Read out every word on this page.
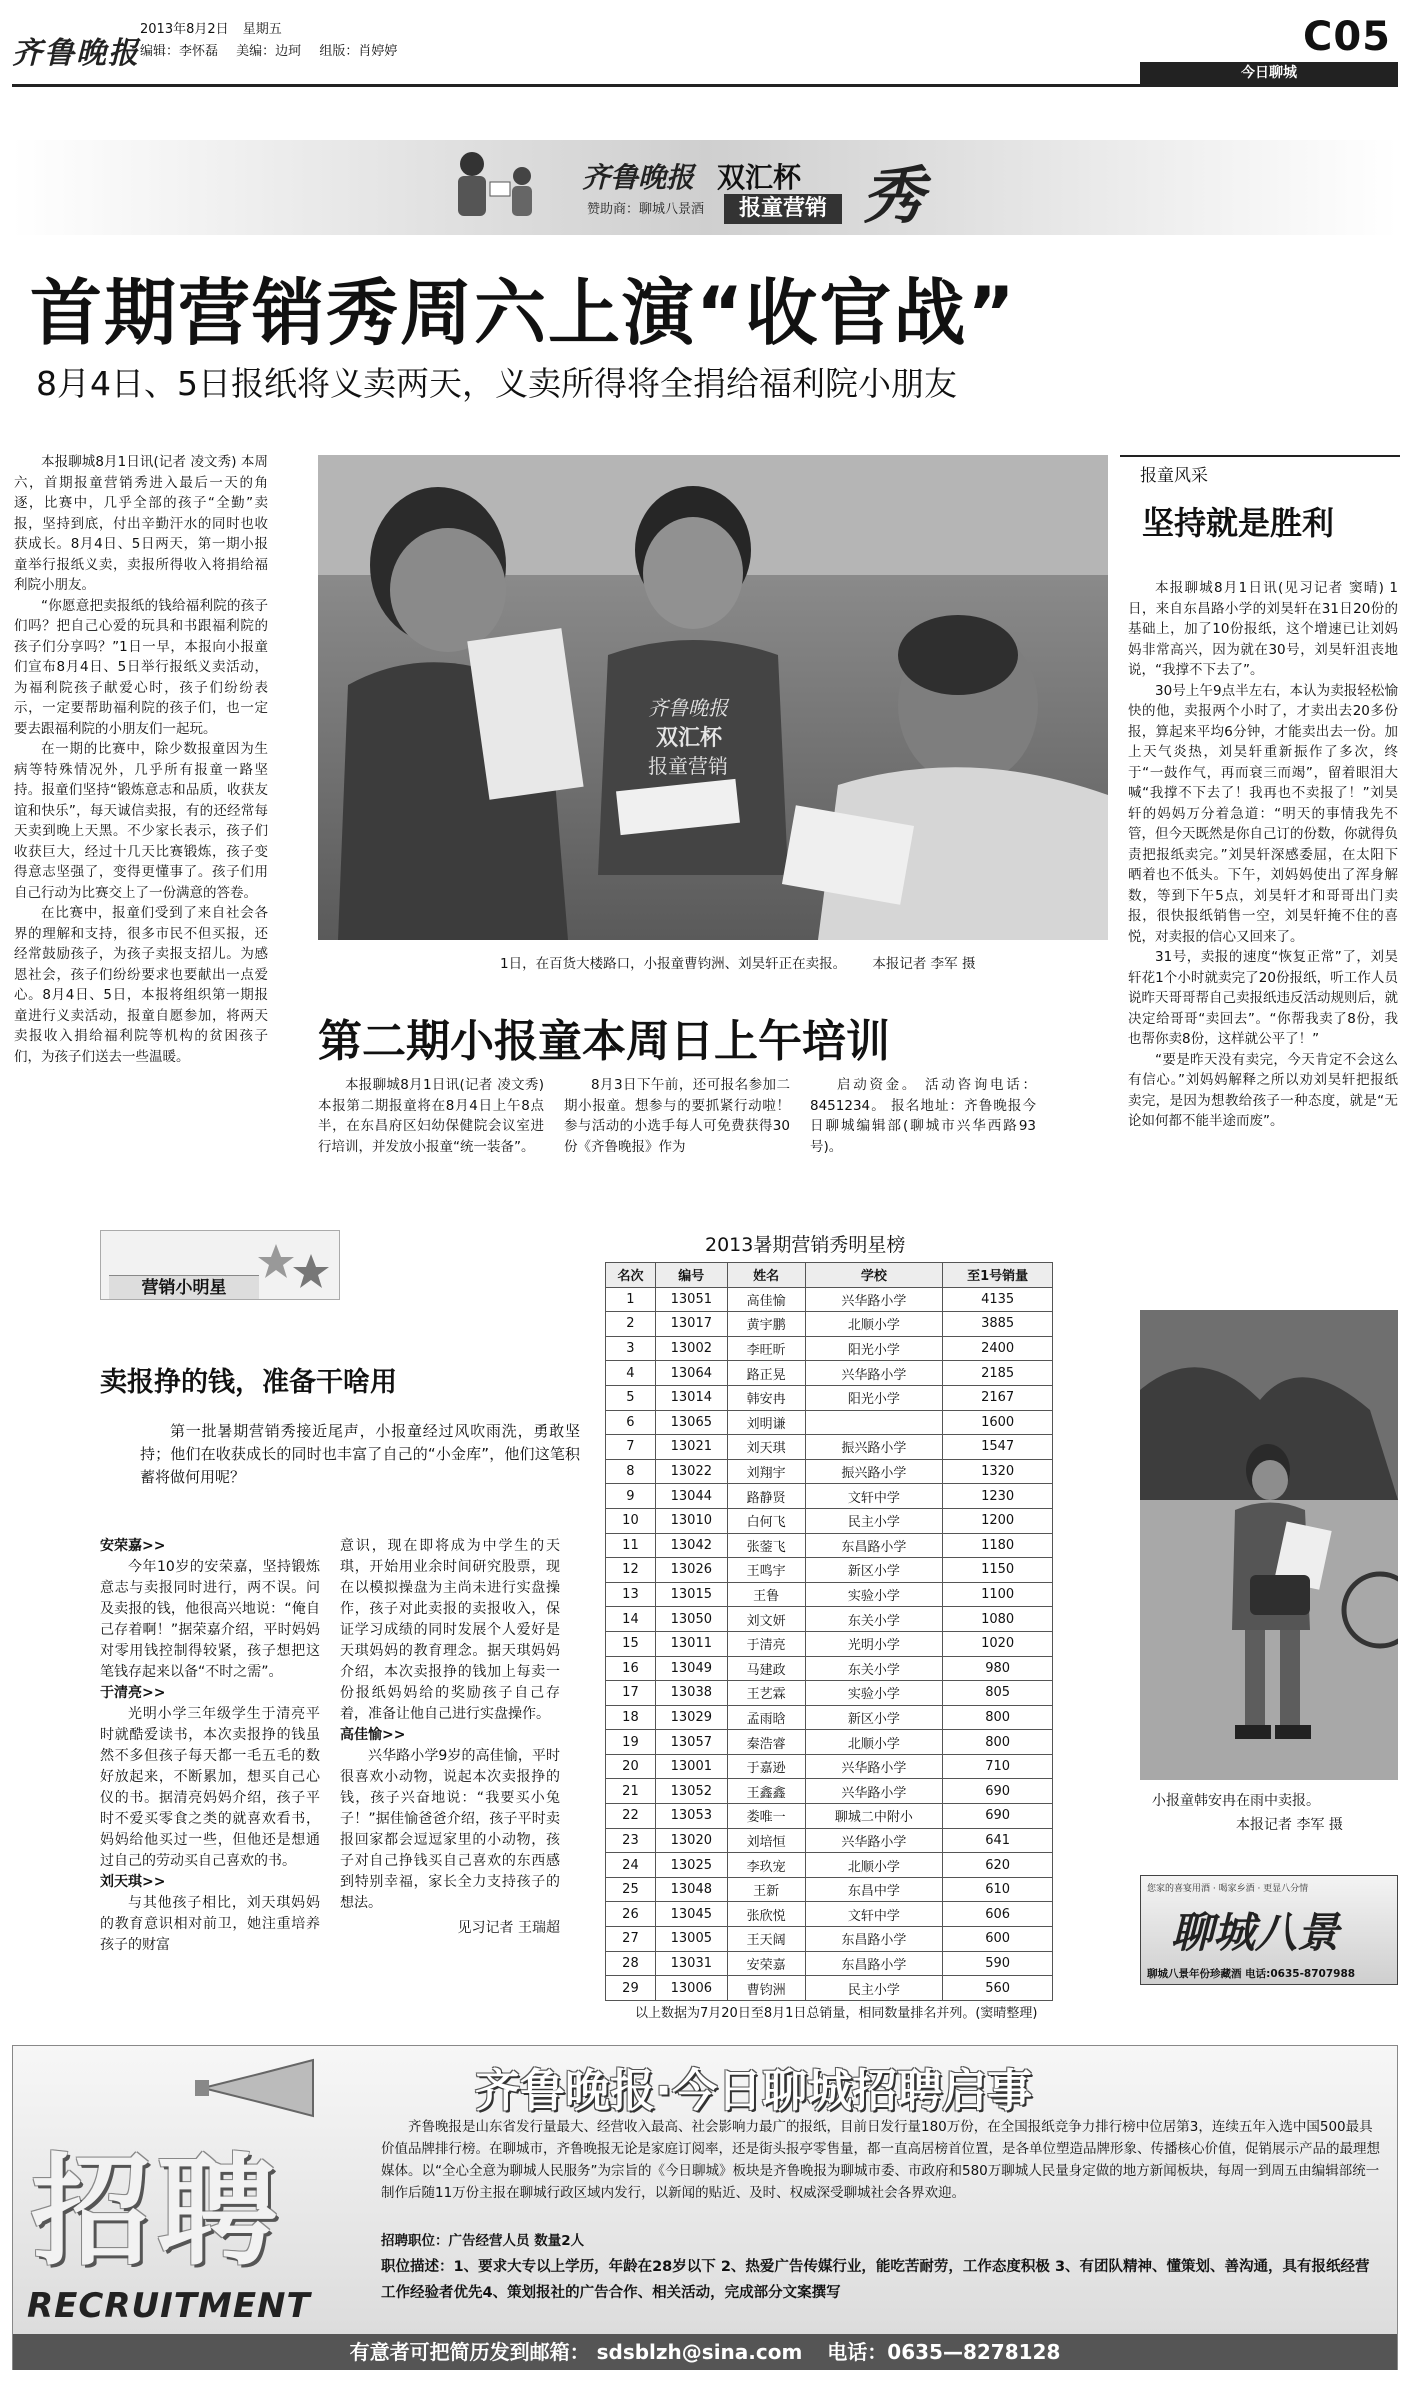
齐鲁晚报
2013年8月2日 星期五
编辑：李怀磊 美编：边珂 组版：肖婷婷	C05
今日聊城
齐鲁晚报 双汇杯
赞助商：聊城八景酒	报童营销 秀
首期营销秀周六上演“收官战”
8月4日、5日报纸将义卖两天，义卖所得将全捐给福利院小朋友

本报聊城8月1日讯(记者 凌文秀) 本周六，首期报童营销秀进入最后一天的角逐，比赛中，几乎全部的孩子“全勤”卖报，坚持到底，付出辛勤汗水的同时也收获成长。8月4日、5日两天，第一期小报童举行报纸义卖，卖报所得收入将捐给福利院小朋友。

“你愿意把卖报纸的钱给福利院的孩子们吗？把自己心爱的玩具和书跟福利院的孩子们分享吗？”1日一早，本报向小报童们宣布8月4日、5日举行报纸义卖活动，为福利院孩子献爱心时，孩子们纷纷表示，一定要帮助福利院的孩子们，也一定要去跟福利院的小朋友们一起玩。

在一期的比赛中，除少数报童因为生病等特殊情况外，几乎所有报童一路坚持。报童们坚持“锻炼意志和品质，收获友谊和快乐”，每天诚信卖报，有的还经常每天卖到晚上天黑。不少家长表示，孩子们收获巨大，经过十几天比赛锻炼，孩子变得意志坚强了，变得更懂事了。孩子们用自己行动为比赛交上了一份满意的答卷。

在比赛中，报童们受到了来自社会各界的理解和支持，很多市民不但买报，还经常鼓励孩子，为孩子卖报支招儿。为感恩社会，孩子们纷纷要求也要献出一点爱心。8月4日、5日，本报将组织第一期报童进行义卖活动，报童自愿参加，将两天卖报收入捐给福利院等机构的贫困孩子们，为孩子们送去一些温暖。

齐鲁晚报
双汇杯
报童营销
1日，在百货大楼路口，小报童曹钧洲、刘昊轩正在卖报。 本报记者 李军 摄
第二期小报童本周日上午培训
本报聊城8月1日讯(记者 凌文秀) 本报第二期报童将在8月4日上午8点半，在东昌府区妇幼保健院会议室进行培训，并发放小报童“统一装备”。
8月3日下午前，还可报名参加二期小报童。想参与的要抓紧行动啦！ 参与活动的小选手每人可免费获得30份《齐鲁晚报》作为
启动资金。 活动咨询电话：8451234。 报名地址：齐鲁晚报今日聊城编辑部(聊城市兴华西路93号)。
报童风采
坚持就是胜利

本报聊城8月1日讯(见习记者 窦晴) 1日，来自东昌路小学的刘昊轩在31日20份的基础上，加了10份报纸，这个增速已让刘妈妈非常高兴，因为就在30号，刘昊轩沮丧地说，“我撑不下去了”。

30号上午9点半左右，本认为卖报轻松愉快的他，卖报两个小时了，才卖出去20多份报，算起来平均6分钟，才能卖出去一份。加上天气炎热，刘昊轩重新振作了多次，终于“一鼓作气，再而衰三而竭”，留着眼泪大喊“我撑不下去了！我再也不卖报了！”刘昊轩的妈妈万分着急道：“明天的事情我先不管，但今天既然是你自己订的份数，你就得负责把报纸卖完。”刘昊轩深感委屈，在太阳下晒着也不低头。下午，刘妈妈使出了浑身解数，等到下午5点，刘昊轩才和哥哥出门卖报，很快报纸销售一空，刘昊轩掩不住的喜悦，对卖报的信心又回来了。

31号，卖报的速度“恢复正常”了，刘昊轩花1个小时就卖完了20份报纸，听工作人员说昨天哥哥帮自己卖报纸违反活动规则后，就决定给哥哥“卖回去”。“你帮我卖了8份，我也帮你卖8份，这样就公平了！”

“要是昨天没有卖完，今天肯定不会这么有信心。”刘妈妈解释之所以劝刘昊轩把报纸卖完，是因为想教给孩子一种态度，就是“无论如何都不能半途而废”。

小报童韩安冉在雨中卖报。
本报记者 李军 摄
您家的喜宴用酒 · 喝家乡酒 · 更显八分情
聊城八景
聊城八景年份珍藏酒 电话:0635-8707988
营销小明星
卖报挣的钱，准备干啥用
第一批暑期营销秀接近尾声，小报童经过风吹雨洗，勇敢坚持；他们在收获成长的同时也丰富了自己的“小金库”，他们这笔积蓄将做何用呢？
安荣嘉>>

今年10岁的安荣嘉，坚持锻炼意志与卖报同时进行，两不误。问及卖报的钱，他很高兴地说：“俺自己存着啊！”据荣嘉介绍，平时妈妈对零用钱控制得较紧，孩子想把这笔钱存起来以备“不时之需”。

于清亮>>

光明小学三年级学生于清亮平时就酷爱读书，本次卖报挣的钱虽然不多但孩子每天都一毛五毛的数好放起来，不断累加，想买自己心仪的书。据清亮妈妈介绍，孩子平时不爱买零食之类的就喜欢看书，妈妈给他买过一些，但他还是想通过自己的劳动买自己喜欢的书。

刘天琪>>

与其他孩子相比，刘天琪妈妈的教育意识相对前卫，她注重培养孩子的财富

意识，现在即将成为中学生的天琪，开始用业余时间研究股票，现在以模拟操盘为主尚未进行实盘操作，孩子对此卖报的卖报收入，保证学习成绩的同时发展个人爱好是天琪妈妈的教育理念。据天琪妈妈介绍，本次卖报挣的钱加上每卖一份报纸妈妈给的奖励孩子自己存着，准备让他自己进行实盘操作。

高佳愉>>

兴华路小学9岁的高佳愉，平时很喜欢小动物，说起本次卖报挣的钱，孩子兴奋地说：“我要买小兔子！”据佳愉爸爸介绍，孩子平时卖报回家都会逗逗家里的小动物，孩子对自己挣钱买自己喜欢的东西感到特别幸福，家长全力支持孩子的想法。

见习记者 王瑞超
2013暑期营销秀明星榜
名次	编号	姓名	学校	至1号销量
1	13051	高佳愉	兴华路小学	4135
2	13017	黄宇鹏	北顺小学	3885
3	13002	李旺昕	阳光小学	2400
4	13064	路正晃	兴华路小学	2185
5	13014	韩安冉	阳光小学	2167
6	13065	刘明谦		1600
7	13021	刘天琪	振兴路小学	1547
8	13022	刘翔宇	振兴路小学	1320
9	13044	路静贤	文轩中学	1230
10	13010	白何飞	民主小学	1200
11	13042	张蓥飞	东昌路小学	1180
12	13026	王鸣宇	新区小学	1150
13	13015	王鲁	实验小学	1100
14	13050	刘文妍	东关小学	1080
15	13011	于清亮	光明小学	1020
16	13049	马建政	东关小学	980
17	13038	王艺霖	实验小学	805
18	13029	孟雨晗	新区小学	800
19	13057	秦浩睿	北顺小学	800
20	13001	于嘉逊	兴华路小学	710
21	13052	王鑫鑫	兴华路小学	690
22	13053	娄唯一	聊城二中附小	690
23	13020	刘培恒	兴华路小学	641
24	13025	李玖宠	北顺小学	620
25	13048	王新	东昌中学	610
26	13045	张欣悦	文轩中学	606
27	13005	王天阔	东昌路小学	600
28	13031	安荣嘉	东昌路小学	590
29	13006	曹钧洲	民主小学	560
以上数据为7月20日至8月1日总销量，相同数量排名并列。(窦晴整理)
招聘
RECRUITMENT
齐鲁晚报·今日聊城招聘启事
齐鲁晚报是山东省发行量最大、经营收入最高、社会影响力最广的报纸，目前日发行量180万份，在全国报纸竞争力排行榜中位居第3，连续五年入选中国500最具价值品牌排行榜。在聊城市，齐鲁晚报无论是家庭订阅率，还是街头报亭零售量，都一直高居榜首位置，是各单位塑造品牌形象、传播核心价值，促销展示产品的最理想媒体。以“全心全意为聊城人民服务”为宗旨的《今日聊城》板块是齐鲁晚报为聊城市委、市政府和580万聊城人民量身定做的地方新闻板块，每周一到周五由编辑部统一制作后随11万份主报在聊城行政区域内发行，以新闻的贴近、及时、权威深受聊城社会各界欢迎。
招聘职位：广告经营人员 数量2人
职位描述：1、要求大专以上学历，年龄在28岁以下 2、热爱广告传媒行业，能吃苦耐劳，工作态度积极 3、有团队精神、懂策划、善沟通，具有报纸经营工作经验者优先4、策划报社的广告合作、相关活动，完成部分文案撰写
有意者可把简历发到邮箱： sdsblzh@sina.com 电话：0635—8278128
